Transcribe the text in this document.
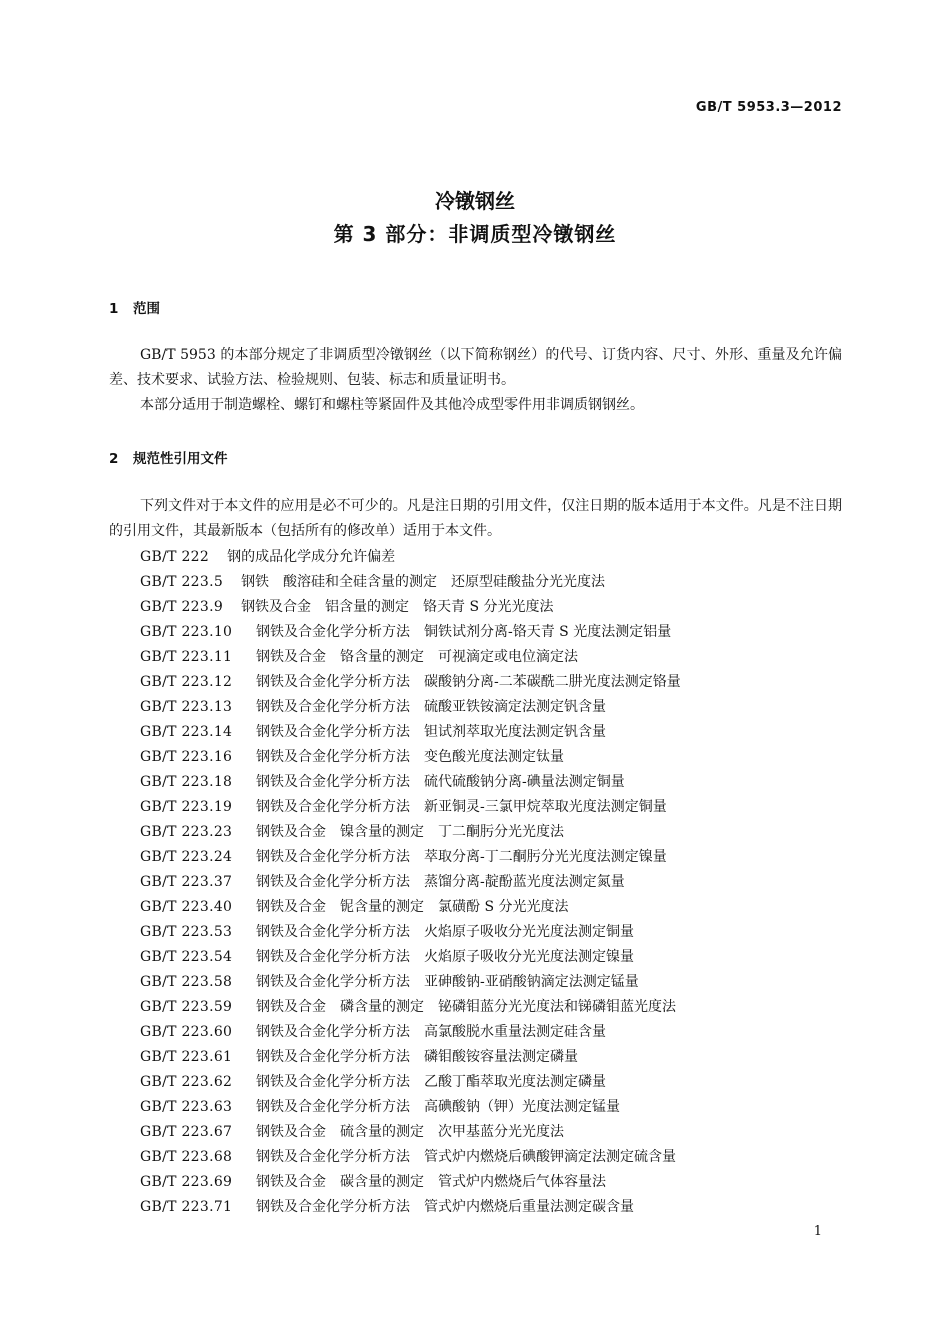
GB/T 5953.3—2012
冷镦钢丝
第 3 部分：非调质型冷镦钢丝
1 范围
GB/T 5953 的本部分规定了非调质型冷镦钢丝（以下简称钢丝）的代号、订货内容、尺寸、外形、重量及允许偏差、技术要求、试验方法、检验规则、包装、标志和质量证明书。
本部分适用于制造螺栓、螺钉和螺柱等紧固件及其他冷成型零件用非调质钢钢丝。
2 规范性引用文件
下列文件对于本文件的应用是必不可少的。凡是注日期的引用文件，仅注日期的版本适用于本文件。凡是不注日期的引用文件，其最新版本（包括所有的修改单）适用于本文件。
GB/T 222 钢的成品化学成分允许偏差
GB/T 223.5 钢铁　酸溶硅和全硅含量的测定　还原型硅酸盐分光光度法
GB/T 223.9 钢铁及合金　铝含量的测定　铬天青 S 分光光度法
GB/T 223.10 钢铁及合金化学分析方法　铜铁试剂分离-铬天青 S 光度法测定铝量
GB/T 223.11 钢铁及合金　铬含量的测定　可视滴定或电位滴定法
GB/T 223.12 钢铁及合金化学分析方法　碳酸钠分离-二苯碳酰二肼光度法测定铬量
GB/T 223.13 钢铁及合金化学分析方法　硫酸亚铁铵滴定法测定钒含量
GB/T 223.14 钢铁及合金化学分析方法　钽试剂萃取光度法测定钒含量
GB/T 223.16 钢铁及合金化学分析方法　变色酸光度法测定钛量
GB/T 223.18 钢铁及合金化学分析方法　硫代硫酸钠分离-碘量法测定铜量
GB/T 223.19 钢铁及合金化学分析方法　新亚铜灵-三氯甲烷萃取光度法测定铜量
GB/T 223.23 钢铁及合金　镍含量的测定　丁二酮肟分光光度法
GB/T 223.24 钢铁及合金化学分析方法　萃取分离-丁二酮肟分光光度法测定镍量
GB/T 223.37 钢铁及合金化学分析方法　蒸馏分离-靛酚蓝光度法测定氮量
GB/T 223.40 钢铁及合金　铌含量的测定　氯磺酚 S 分光光度法
GB/T 223.53 钢铁及合金化学分析方法　火焰原子吸收分光光度法测定铜量
GB/T 223.54 钢铁及合金化学分析方法　火焰原子吸收分光光度法测定镍量
GB/T 223.58 钢铁及合金化学分析方法　亚砷酸钠-亚硝酸钠滴定法测定锰量
GB/T 223.59 钢铁及合金　磷含量的测定　铋磷钼蓝分光光度法和锑磷钼蓝光度法
GB/T 223.60 钢铁及合金化学分析方法　高氯酸脱水重量法测定硅含量
GB/T 223.61 钢铁及合金化学分析方法　磷钼酸铵容量法测定磷量
GB/T 223.62 钢铁及合金化学分析方法　乙酸丁酯萃取光度法测定磷量
GB/T 223.63 钢铁及合金化学分析方法　高碘酸钠（钾）光度法测定锰量
GB/T 223.67 钢铁及合金　硫含量的测定　次甲基蓝分光光度法
GB/T 223.68 钢铁及合金化学分析方法　管式炉内燃烧后碘酸钾滴定法测定硫含量
GB/T 223.69 钢铁及合金　碳含量的测定　管式炉内燃烧后气体容量法
GB/T 223.71 钢铁及合金化学分析方法　管式炉内燃烧后重量法测定碳含量
1
